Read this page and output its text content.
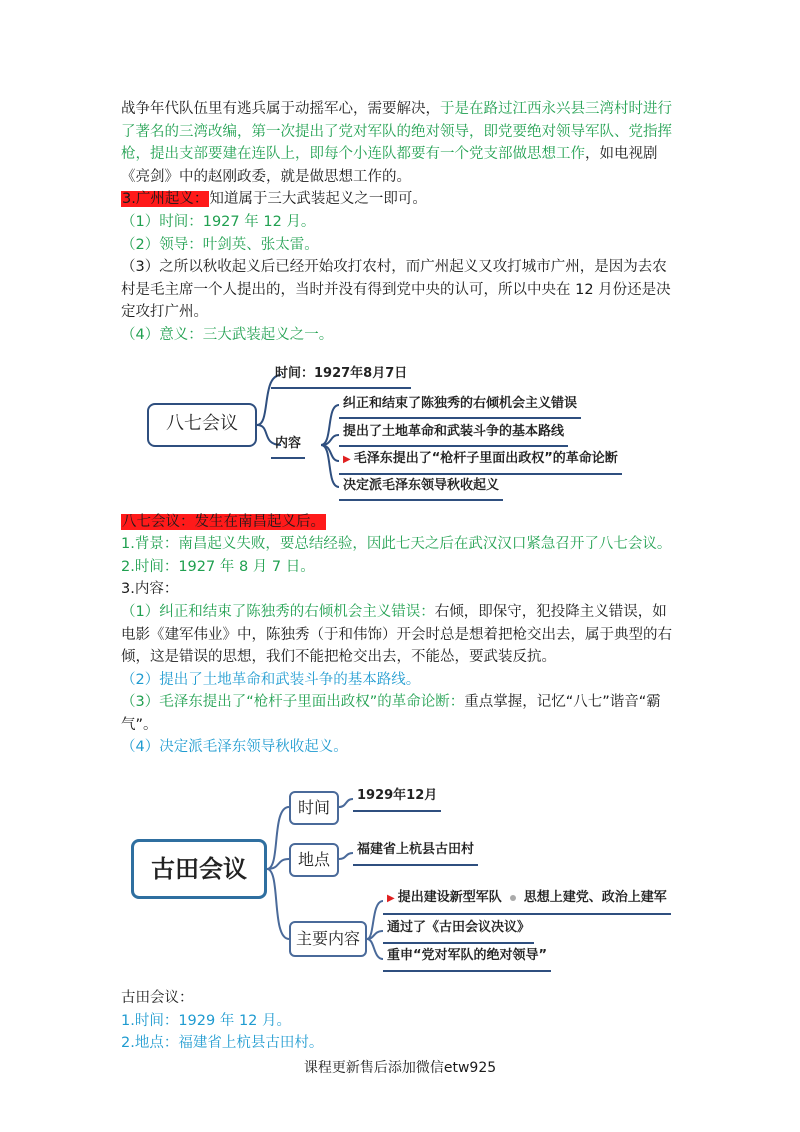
战争年代队伍里有逃兵属于动摇军心，需要解决，于是在路过江西永兴县三湾村时进行了著名的三湾改编，第一次提出了党对军队的绝对领导，即党要绝对领导军队、党指挥枪，提出支部要建在连队上，即每个小连队都要有一个党支部做思想工作，如电视剧《亮剑》中的赵刚政委，就是做思想工作的。

3.广州起义：知道属于三大武装起义之一即可。

（1）时间：1927 年 12 月。

（2）领导：叶剑英、张太雷。

（3）之所以秋收起义后已经开始攻打农村，而广州起义又攻打城市广州，是因为去农村是毛主席一个人提出的，当时并没有得到党中央的认可，所以中央在 12 月份还是决定攻打广州。

（4）意义：三大武装起义之一。

八七会议
时间：1927年8月7日
内容
纠正和结束了陈独秀的右倾机会主义错误
提出了土地革命和武装斗争的基本路线
▶ 毛泽东提出了“枪杆子里面出政权”的革命论断
决定派毛泽东领导秋收起义

八七会议：发生在南昌起义后。

1.背景：南昌起义失败，要总结经验，因此七天之后在武汉汉口紧急召开了八七会议。

2.时间：1927 年 8 月 7 日。

3.内容：

（1）纠正和结束了陈独秀的右倾机会主义错误：右倾，即保守，犯投降主义错误，如电影《建军伟业》中，陈独秀（于和伟饰）开会时总是想着把枪交出去，属于典型的右倾，这是错误的思想，我们不能把枪交出去，不能怂，要武装反抗。

（2）提出了土地革命和武装斗争的基本路线。

（3）毛泽东提出了“枪杆子里面出政权”的革命论断：重点掌握，记忆“八七”谐音“霸气”。

（4）决定派毛泽东领导秋收起义。

古田会议
时间
1929年12月
地点
福建省上杭县古田村
主要内容
▶ 提出建设新型军队 思想上建党、政治上建军
通过了《古田会议决议》
重申“党对军队的绝对领导”

古田会议：

1.时间：1929 年 12 月。

2.地点：福建省上杭县古田村。

课程更新售后添加微信etw925
